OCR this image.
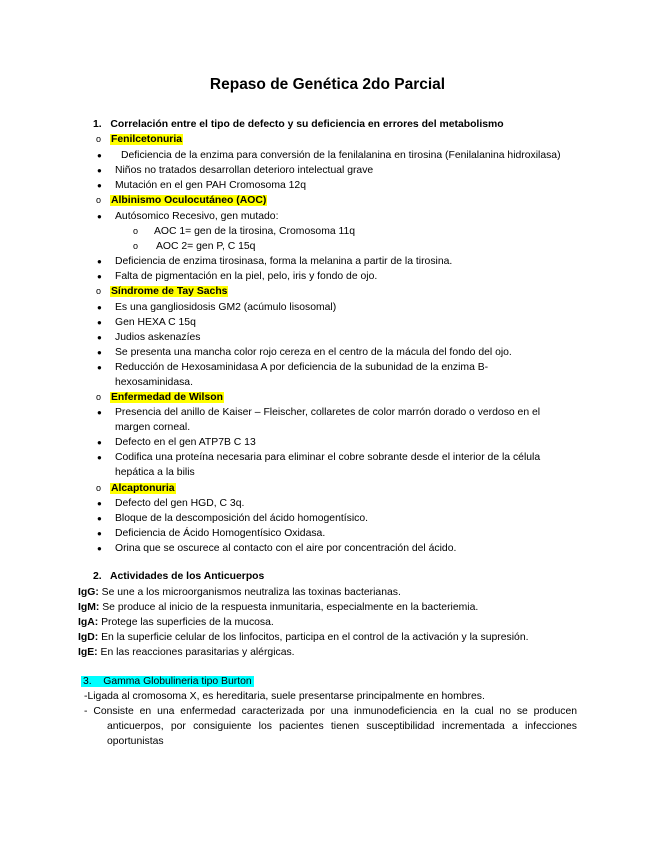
Repaso de Genética 2do Parcial
1. Correlación entre el tipo de defecto y su deficiencia en errores del metabolismo
o Fenilcetonuria
● Deficiencia de la enzima para conversión de la fenilalanina en tirosina (Fenilalanina hidroxilasa)
● Niños no tratados desarrollan deterioro intelectual grave
● Mutación en el gen PAH Cromosoma 12q
o Albinismo Oculocutáneo (AOC)
● Autósomico Recesivo, gen mutado:
o AOC 1= gen de la tirosina, Cromosoma 11q
o AOC 2= gen P, C 15q
● Deficiencia de enzima tirosinasa, forma la melanina a partir de la tirosina.
● Falta de pigmentación en la piel, pelo, iris y fondo de ojo.
o Síndrome de Tay Sachs
● Es una gangliosidosis GM2 (acúmulo lisosomal)
● Gen HEXA C 15q
● Judios askenazíes
● Se presenta una mancha color rojo cereza en el centro de la mácula del fondo del ojo.
● Reducción de Hexosaminidasa A por deficiencia de la subunidad de la enzima B-
hexosaminidasa.
o Enfermedad de Wilson
● Presencia del anillo de Kaiser – Fleischer, collaretes de color marrón dorado o verdoso en el
margen corneal.
● Defecto en el gen ATP7B C 13
● Codifica una proteína necesaria para eliminar el cobre sobrante desde el interior de la célula
hepática a la bilis
o Alcaptonuria
● Defecto del gen HGD, C 3q.
● Bloque de la descomposición del ácido homogentísico.
● Deficiencia de Ácido Homogentísico Oxidasa.
● Orina que se oscurece al contacto con el aire por concentración del ácido.
2. Actividades de los Anticuerpos
IgG: Se une a los microorganismos neutraliza las toxinas bacterianas.
IgM: Se produce al inicio de la respuesta inmunitaria, especialmente en la bacteriemia.
IgA: Protege las superficies de la mucosa.
IgD: En la superficie celular de los linfocitos, participa en el control de la activación y la supresión.
IgE: En las reacciones parasitarias y alérgicas.
3. Gamma Globulineria tipo Burton
-Ligada al cromosoma X, es hereditaria, suele presentarse principalmente en hombres.
- Consiste en una enfermedad caracterizada por una inmunodeficiencia en la cual no se producen
anticuerpos, por consiguiente los pacientes tienen susceptibilidad incrementada a infecciones
oportunistas
